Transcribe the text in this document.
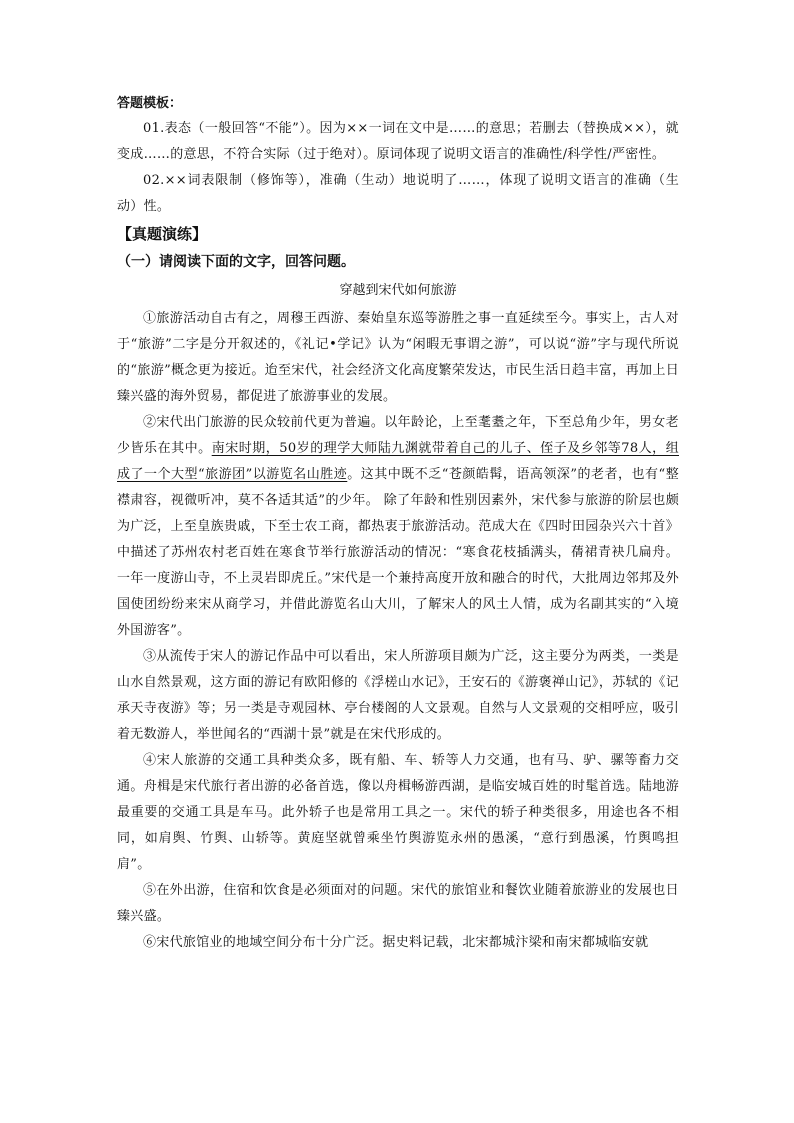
答题模板：

01.表态（一般回答“不能”）。因为××一词在文中是……的意思；若删去（替换成××），就变成……的意思，不符合实际（过于绝对）。原词体现了说明文语言的准确性/科学性/严密性。

02.××词表限制（修饰等），准确（生动）地说明了……，体现了说明文语言的准确（生动）性。

【真题演练】

（一）请阅读下面的文字，回答问题。

穿越到宋代如何旅游

①旅游活动自古有之，周穆王西游、秦始皇东巡等游胜之事一直延续至今。事实上，古人对于“旅游”二字是分开叙述的，《礼记•学记》认为“闲暇无事谓之游”，可以说“游”字与现代所说的“旅游”概念更为接近。迨至宋代，社会经济文化高度繁荣发达，市民生活日趋丰富，再加上日臻兴盛的海外贸易，都促进了旅游事业的发展。

②宋代出门旅游的民众较前代更为普遍。以年龄论，上至耄耋之年，下至总角少年，男女老少皆乐在其中。南宋时期，50岁的理学大师陆九渊就带着自己的儿子、侄子及乡邻等78人，组成了一个大型“旅游团”以游览名山胜迹。这其中既不乏“苍颜皓髯，语高领深”的老者，也有“整襟肃容，视微听冲，莫不各适其适”的少年。 除了年龄和性别因素外，宋代参与旅游的阶层也颇为广泛，上至皇族贵戚，下至士农工商，都热衷于旅游活动。范成大在《四时田园杂兴六十首》中描述了苏州农村老百姓在寒食节举行旅游活动的情况：“寒食花枝插满头，蒨裙青袂几扁舟。一年一度游山寺，不上灵岩即虎丘。”宋代是一个兼持高度开放和融合的时代，大批周边邻邦及外国使团纷纷来宋从商学习，并借此游览名山大川，了解宋人的风土人情，成为名副其实的“入境外国游客”。

③从流传于宋人的游记作品中可以看出，宋人所游项目颇为广泛，这主要分为两类，一类是山水自然景观，这方面的游记有欧阳修的《浮槎山水记》，王安石的《游褒禅山记》，苏轼的《记承天寺夜游》等；另一类是寺观园林、亭台楼阁的人文景观。自然与人文景观的交相呼应，吸引着无数游人，举世闻名的“西湖十景”就是在宋代形成的。

④宋人旅游的交通工具种类众多，既有船、车、轿等人力交通，也有马、驴、骡等畜力交通。舟楫是宋代旅行者出游的必备首选，像以舟楫畅游西湖，是临安城百姓的时髦首选。陆地游最重要的交通工具是车马。此外轿子也是常用工具之一。宋代的轿子种类很多，用途也各不相同，如肩舆、竹舆、山轿等。黄庭坚就曾乘坐竹舆游览永州的愚溪，“意行到愚溪，竹舆鸣担肩”。

⑤在外出游，住宿和饮食是必须面对的问题。宋代的旅馆业和餐饮业随着旅游业的发展也日臻兴盛。

⑥宋代旅馆业的地域空间分布十分广泛。据史料记载，北宋都城汴梁和南宋都城临安就
